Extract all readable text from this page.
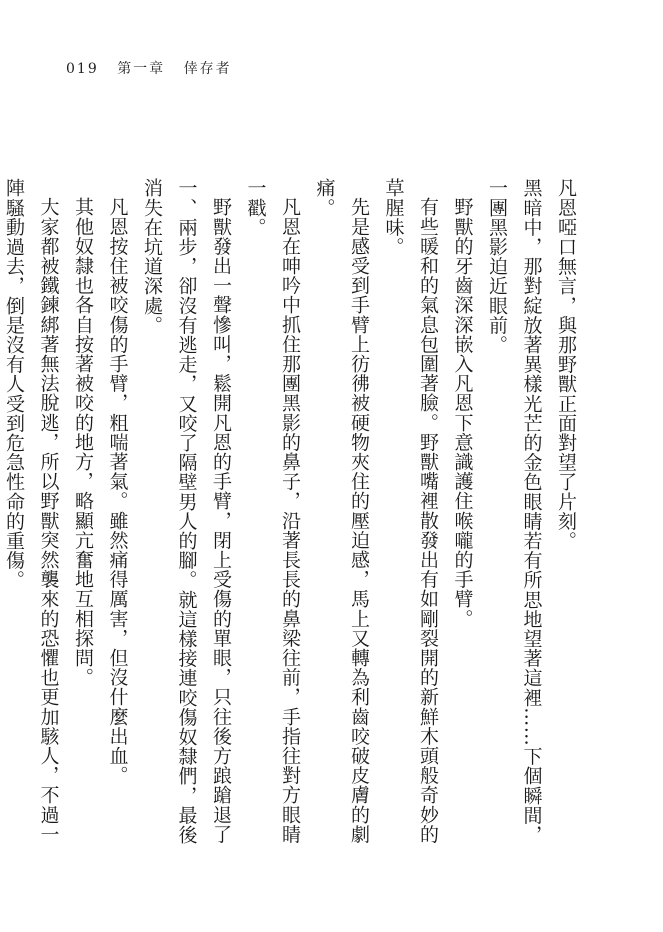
019 第一章 倖存者

凡恩啞口無言，與那野獸正面對望了片刻。

黑暗中，那對綻放著異樣光芒的金色眼睛若有所思地望著這裡……下個瞬間，一團黑影迫近眼前。

野獸的牙齒深深嵌入凡恩下意識護住喉嚨的手臂。

有些暖和的氣息包圍著臉。野獸嘴裡散發出有如剛裂開的新鮮木頭般奇妙的草腥味。

先是感受到手臂上彷彿被硬物夾住的壓迫感，馬上又轉為利齒咬破皮膚的劇痛。

凡恩在呻吟中抓住那團黑影的鼻子，沿著長長的鼻梁往前，手指往對方眼睛一戳。

野獸發出一聲慘叫，鬆開凡恩的手臂，閉上受傷的單眼，只往後方踉蹌退了一、兩步，卻沒有逃走，又咬了隔壁男人的腳。就這樣接連咬傷奴隸們，最後消失在坑道深處。

凡恩按住被咬傷的手臂，粗喘著氣。雖然痛得厲害，但沒什麼出血。

其他奴隸也各自按著被咬的地方，略顯亢奮地互相探問。

大家都被鐵鍊綁著無法脫逃，所以野獸突然襲來的恐懼也更加駭人，不過一陣騷動過去，倒是沒有人受到危急性命的重傷。
